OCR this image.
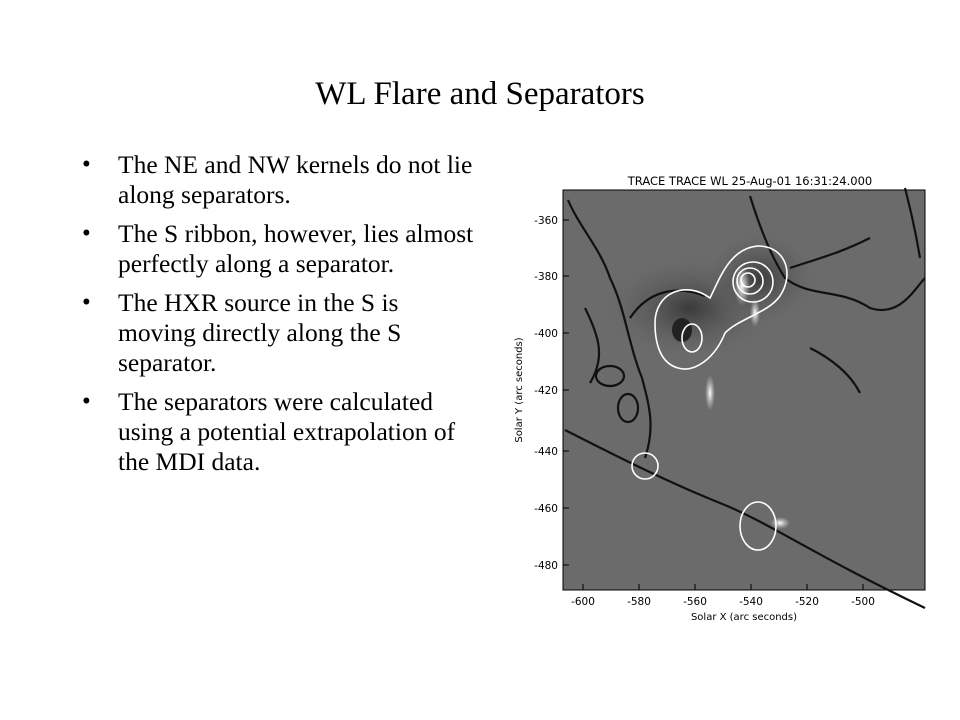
WL Flare and Separators
• The NE and NW kernels do not lie along separators.
• The S ribbon, however, lies almost perfectly along a separator.
• The HXR source in the S is moving directly along the S separator.
• The separators were calculated using a potential extrapolation of the MDI data.
TRACE TRACE WL 25-Aug-01 16:31:24.000
-600	-580	-560	-540	-520	-500
-360
-380
-400
-420
-440
-460
-480
Solar X (arc seconds)
Solar Y (arc seconds)
